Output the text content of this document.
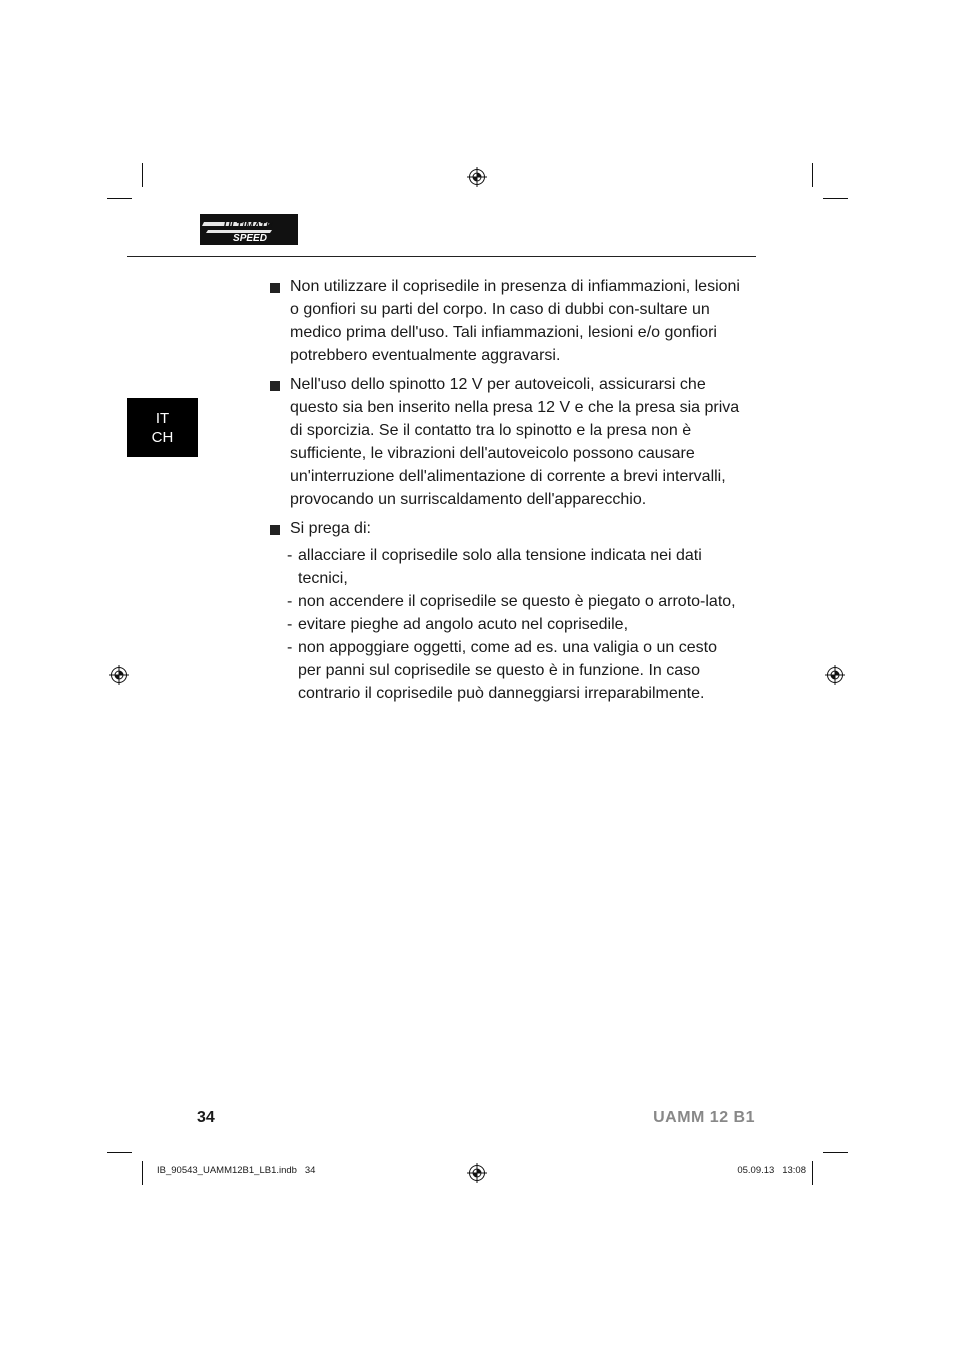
ULTIMATE
SPEED
IT
CH
Non utilizzare il coprisedile in presenza di infiammazioni, lesioni o gonfiori su parti del corpo. In caso di dubbi con-sultare un medico prima dell'uso. Tali infiammazioni, lesioni e/o gonfiori potrebbero eventualmente aggravarsi.
Nell'uso dello spinotto 12 V per autoveicoli, assicurarsi che questo sia ben inserito nella presa 12 V e che la presa sia priva di sporcizia. Se il contatto tra lo spinotto e la presa non è sufficiente, le vibrazioni dell'autoveicolo possono causare un'interruzione dell'alimentazione di corrente a brevi intervalli, provocando un surriscaldamento dell'apparecchio.
Si prega di:
- allacciare il coprisedile solo alla tensione indicata nei dati tecnici,
- non accendere il coprisedile se questo è piegato o arroto-lato,
- evitare pieghe ad angolo acuto nel coprisedile,
- non appoggiare oggetti, come ad es. una valigia o un cesto per panni sul coprisedile se questo è in funzione. In caso contrario il coprisedile può danneggiarsi irreparabilmente.
34	UAMM 12 B1
IB_90543_UAMM12B1_LB1.indb   34	05.09.13   13:08
